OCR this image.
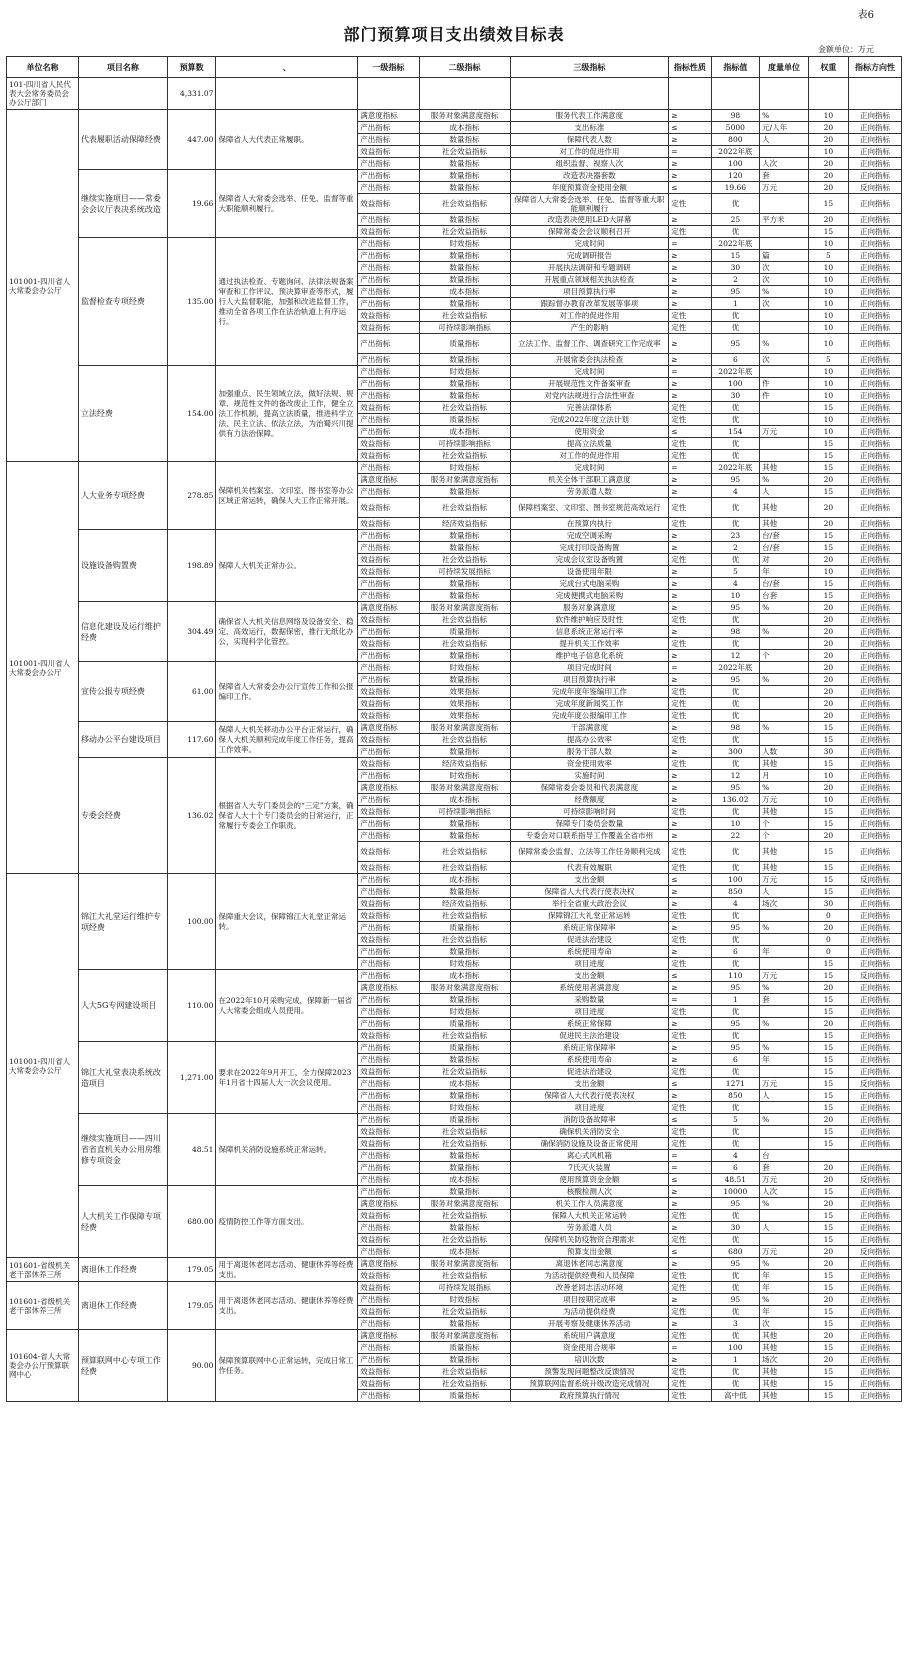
表6
部门预算项目支出绩效目标表
金额单位：万元
单位名称	项目名称	预算数	、	一级指标	二级指标	三级指标	指标性质	指标值	度量单位	权重	指标方向性
101-四川省人民代表大会常务委员会办公厅部门		4,331.07									
101001-四川省人大常委会办公厅	代表履职活动保障经费	447.00	保障省人大代表正常履职。	满意度指标	服务对象满意度指标	服务代表工作满意度	≥	98	%	10	正向指标
				产出指标	成本指标	支出标准	≤	5000	元/人年	20	正向指标
				产出指标	数量指标	保障代表人数	≥	800	人	20	正向指标
				效益指标	社会效益指标	对工作的促进作用	=	2022年底		10	正向指标
				产出指标	数量指标	组织监督、视察人次	≥	100	人次	20	正向指标
	继续实施项目——常委会会议厅表决系统改造	19.66	保障省人大常委会选举、任免、监督等重大职能顺利履行。	产出指标	数量指标	改造表决器套数	≥	120	套	20	正向指标
				产出指标	数量指标	年度预算资金使用金额	≤	19.66	万元	20	反向指标
				效益指标	社会效益指标	保障省人大常委会选举、任免、监督等重大职能顺利履行	定性	优		15	正向指标
				产出指标	数量指标	改造表决使用LED大屏幕	≥	25	平方米	20	正向指标
				效益指标	社会效益指标	保障常委会会议顺利召开	定性	优		15	正向指标
	监督检查专项经费	135.00	通过执法检查、专题询问、法律法规备案审查和工作评议、预决算审查等形式，履行人大监督职能，加强和改进监督工作，推动全省各项工作在法治轨道上有序运行。	产出指标	时效指标	完成时间	=	2022年底		10	正向指标
				产出指标	数量指标	完成调研报告	≥	15	篇	5	正向指标
				产出指标	数量指标	开展执法调研和专题调研	≥	30	次	10	正向指标
				产出指标	数量指标	开展重点领域相关执法检查	≥	2	次	10	正向指标
				产出指标	成本指标	项目预算执行率	≥	95	%	10	正向指标
				产出指标	数量指标	跟踪督办教育改革发展等事项	≥	1	次	10	正向指标
				效益指标	社会效益指标	对工作的促进作用	定性	优		10	正向指标
				效益指标	可持续影响指标	产生的影响	定性	优		10	正向指标
				产出指标	质量指标	立法工作、监督工作、调查研究工作完成率	≥	95	%	10	正向指标
				产出指标	数量指标	开展常委会执法检查	≥	6	次	5	正向指标
	立法经费	154.00	加强重点、民生领域立法，做好法规、规章、规范性文件的备改废止工作，健全立法工作机制，提高立法质量，推进科学立法、民主立法、依法立法，为治蜀兴川提供有力法治保障。	产出指标	时效指标	完成时间	=	2022年底		10	正向指标
				产出指标	数量指标	开展规范性文件备案审查	≥	100	件	10	正向指标
				产出指标	数量指标	对党内法规进行合法性审查	≥	30	件	10	正向指标
				效益指标	社会效益指标	完善法律体系	定性	优		15	正向指标
				产出指标	质量指标	完成2022年度立法计划	定性	优		10	正向指标
				产出指标	成本指标	使用资金	≤	154	万元	10	正向指标
				效益指标	可持续影响指标	提高立法质量	定性	优		15	正向指标
				效益指标	社会效益指标	对工作的促进作用	定性	优		15	正向指标
101001-四川省人大常委会办公厅	人大业务专项经费	278.85	保障机关档案室、文印室、图书室等办公区域正常运转，确保人大工作正常开展。	产出指标	时效指标	完成时间	=	2022年底	其他	15	正向指标
				满意度指标	服务对象满意度指标	机关全体干部职工满意度	≥	95	%	20	正向指标
				产出指标	数量指标	劳务派遣人数	≥	4	人	15	正向指标
				效益指标	社会效益指标	保障档案室、文印室、图书室规范高效运行	定性	优	其他	20	正向指标
				效益指标	经济效益指标	在预算内执行	定性	优	其他	20	正向指标
	设施设备购置费	198.89	保障人大机关正常办公。	产出指标	数量指标	完成空调采购	≥	23	台/套	15	正向指标
				产出指标	数量指标	完成打印设备购置	≥	2	台/套	15	正向指标
				效益指标	社会效益指标	完成会议室设备购置	定性	优	对	20	正向指标
				效益指标	可持续发展指标	设备使用年限	≥	5	年	10	正向指标
				产出指标	数量指标	完成台式电脑采购	≥	4	台/套	15	正向指标
				产出指标	数量指标	完成便携式电脑采购	≥	10	台套	15	正向指标
	信息化建设及运行维护经费	304.49	确保省人大机关信息网络及设备安全、稳定、高效运行，数据保密，推行无纸化办公，实现科学化管控。	满意度指标	服务对象满意度指标	服务对象满意度	≥	95	%	20	正向指标
				效益指标	社会效益指标	软件维护响应及时性	定性	优		20	正向指标
				产出指标	质量指标	信息系统正常运行率	≥	98	%	20	正向指标
				效益指标	社会效益指标	提升机关工作效率	定性	优		20	正向指标
				产出指标	数量指标	维护电子信息化系统	≥	12	个	20	正向指标
	宣传公报专项经费	61.00	保障省人大常委会办公厅宣传工作和公报编印工作。	产出指标	时效指标	项目完成时间	=	2022年底		20	正向指标
				产出指标	数量指标	项目预算执行率	≥	95	%	20	正向指标
				效益指标	效果指标	完成年度年鉴编印工作	定性	优		20	正向指标
				效益指标	效果指标	完成年度新闻奖工作	定性	优		20	正向指标
				效益指标	效果指标	完成年度公报编印工作	定性	优		20	正向指标
	移动办公平台建设项目	117.60	保障人大机关移动办公平台正常运行，确保人大机关顺利完成年度工作任务，提高工作效率。	满意度指标	服务对象满意度指标	干部满意度	≥	98	%	15	正向指标
				效益指标	社会效益指标	提高办公效率	定性	优		15	正向指标
				产出指标	数量指标	服务干部人数	≥	300	人数	30	正向指标
	专委会经费	136.02	根据省人大专门委员会的“三定”方案，确保省人大十个专门委员会的日常运行，正常履行专委会工作职责。	效益指标	经济效益指标	资金使用效率	定性	优	其他	15	正向指标
				产出指标	时效指标	实施时间	≥	12	月	10	正向指标
				满意度指标	服务对象满意度指标	保障常委会委员和代表满意度	≥	95	%	20	正向指标
				产出指标	成本指标	经费额度	≥	136.02	万元	10	正向指标
				效益指标	可持续影响指标	可持续影响时间	定性	优	其他	15	正向指标
				产出指标	数量指标	保障专门委员会数量	≥	10	个	15	正向指标
				产出指标	数量指标	专委会对口联系指导工作覆盖全省市州	≥	22	个	20	正向指标
				效益指标	社会效益指标	保障常委会监督、立法等工作任务顺利完成	定性	优	其他	15	正向指标
				效益指标	社会效益指标	代表有效履职	定性	优	其他	15	正向指标
101001-四川省人大常委会办公厅	锦江大礼堂运行维护专项经费	100.00	保障重大会议，保障锦江大礼堂正常运转。	产出指标	成本指标	支出金额	≤	100	万元	15	反向指标
				产出指标	数量指标	保障省人大代表行使表决权	≥	850	人	15	正向指标
				效益指标	经济效益指标	举行全省重大政治会议	≥	4	场次	30	正向指标
				效益指标	社会效益指标	保障锦江大礼堂正常运转	定性	优		0	正向指标
				产出指标	质量指标	系统正常保障率	≥	95	%	20	正向指标
				效益指标	社会效益指标	促进法治建设	定性	优		0	正向指标
				产出指标	数量指标	系统使用寿命	≥	6	年	0	正向指标
				产出指标	时效指标	项目进度	定性	优		15	正向指标
	人大5G专网建设项目	110.00	在2022年10月采购完成，保障新一届省人大常委会组成人员使用。	产出指标	成本指标	支出金额	≤	110	万元	15	反向指标
				满意度指标	服务对象满意度指标	系统使用者满意度	≥	95	%	20	正向指标
				产出指标	数量指标	采购数量	=	1	套	15	正向指标
				产出指标	时效指标	项目进度	定性	优		15	正向指标
				产出指标	质量指标	系统正常保障	≥	95	%	20	正向指标
				效益指标	社会效益指标	促进民主法治建设	定性	优		15	正向指标
	锦江大礼堂表决系统改造项目	1,271.00	要求在2022年9月开工，全力保障2023年1月省十四届人大一次会议使用。	产出指标	质量指标	系统正常保障率	≥	95	%	15	正向指标
				产出指标	数量指标	系统使用寿命	≥	6	年	15	正向指标
				效益指标	社会效益指标	促进法治建设	定性	优		15	正向指标
				产出指标	成本指标	支出金额	≤	1271	万元	15	反向指标
				产出指标	数量指标	保障省人大代表行使表决权	≥	850	人	15	正向指标
				产出指标	时效指标	项目进度	定性	优		15	正向指标
	继续实施项目——四川省省直机关办公用房维修专项资金	48.51	保障机关消防设施系统正常运转。	产出指标	质量指标	消防设备故障率	≤	5	%	20	正向指标
				效益指标	社会效益指标	确保机关消防安全	定性	优		15	正向指标
				效益指标	社会效益指标	确保消防设施及设备正常使用	定性	优		15	正向指标
				产出指标	数量指标	离心式风机箱	=	4	台		
				产出指标	数量指标	7氏灭火装置	=	6	套	20	正向指标
				产出指标	成本指标	使用预算资金金额	≤	48.51	万元	20	反向指标
	人大机关工作保障专项经费	680.00	疫情防控工作等方面支出。	产出指标	数量指标	核酸检测人次	≥	10000	人次	15	正向指标
				满意度指标	服务对象满意度指标	机关工作人员满意度	≥	95	%	20	正向指标
				效益指标	社会效益指标	保障人大机关正常运转	定性	优		15	正向指标
				产出指标	数量指标	劳务派遣人员	≥	30	人	15	正向指标
				效益指标	社会效益指标	保障机关防疫物资合理需求	定性	优		15	正向指标
				产出指标	成本指标	预算支出金额	≤	680	万元	20	反向指标
101601-省级机关老干部休养三所	离退休工作经费	179.05	用于离退休老同志活动、健康休养等经费支出。	满意度指标	服务对象满意度指标	离退休老同志满意度	≥	95	%	20	正向指标
				效益指标	社会效益指标	为活动提供经费和人员保障	定性	优	年	15	正向指标
101601-省级机关老干部休养三所	离退休工作经费	179.05	用于离退休老同志活动、健康休养等经费支出。	效益指标	可持续发展指标	改善老同志活动环境	定性	优	年	15	正向指标
				产出指标	时效指标	项目按期完成率	≥	95	%	20	正向指标
				效益指标	社会效益指标	为活动提供经费	定性	优	年	15	正向指标
				产出指标	数量指标	开展考察及健康休养活动	≥	3	次	15	正向指标
101604-省人大常委会办公厅预算联网中心	预算联网中心专项工作经费	90.00	保障预算联网中心正常运转，完成日常工作任务。	满意度指标	服务对象满意度指标	系统用户满意度	定性	优	其他	20	正向指标
				产出指标	质量指标	资金使用合规率	=	100	其他	15	正向指标
				产出指标	数量指标	培训次数	≥	1	场次	20	正向指标
				效益指标	社会效益指标	预警发现问题整改反馈情况	定性	优	其他	15	正向指标
				效益指标	社会效益指标	预算联网监督系统升级改造完成情况	定性	优	其他	15	正向指标
				产出指标	质量指标	政府预算执行情况	定性	高中低	其他	15	正向指标
